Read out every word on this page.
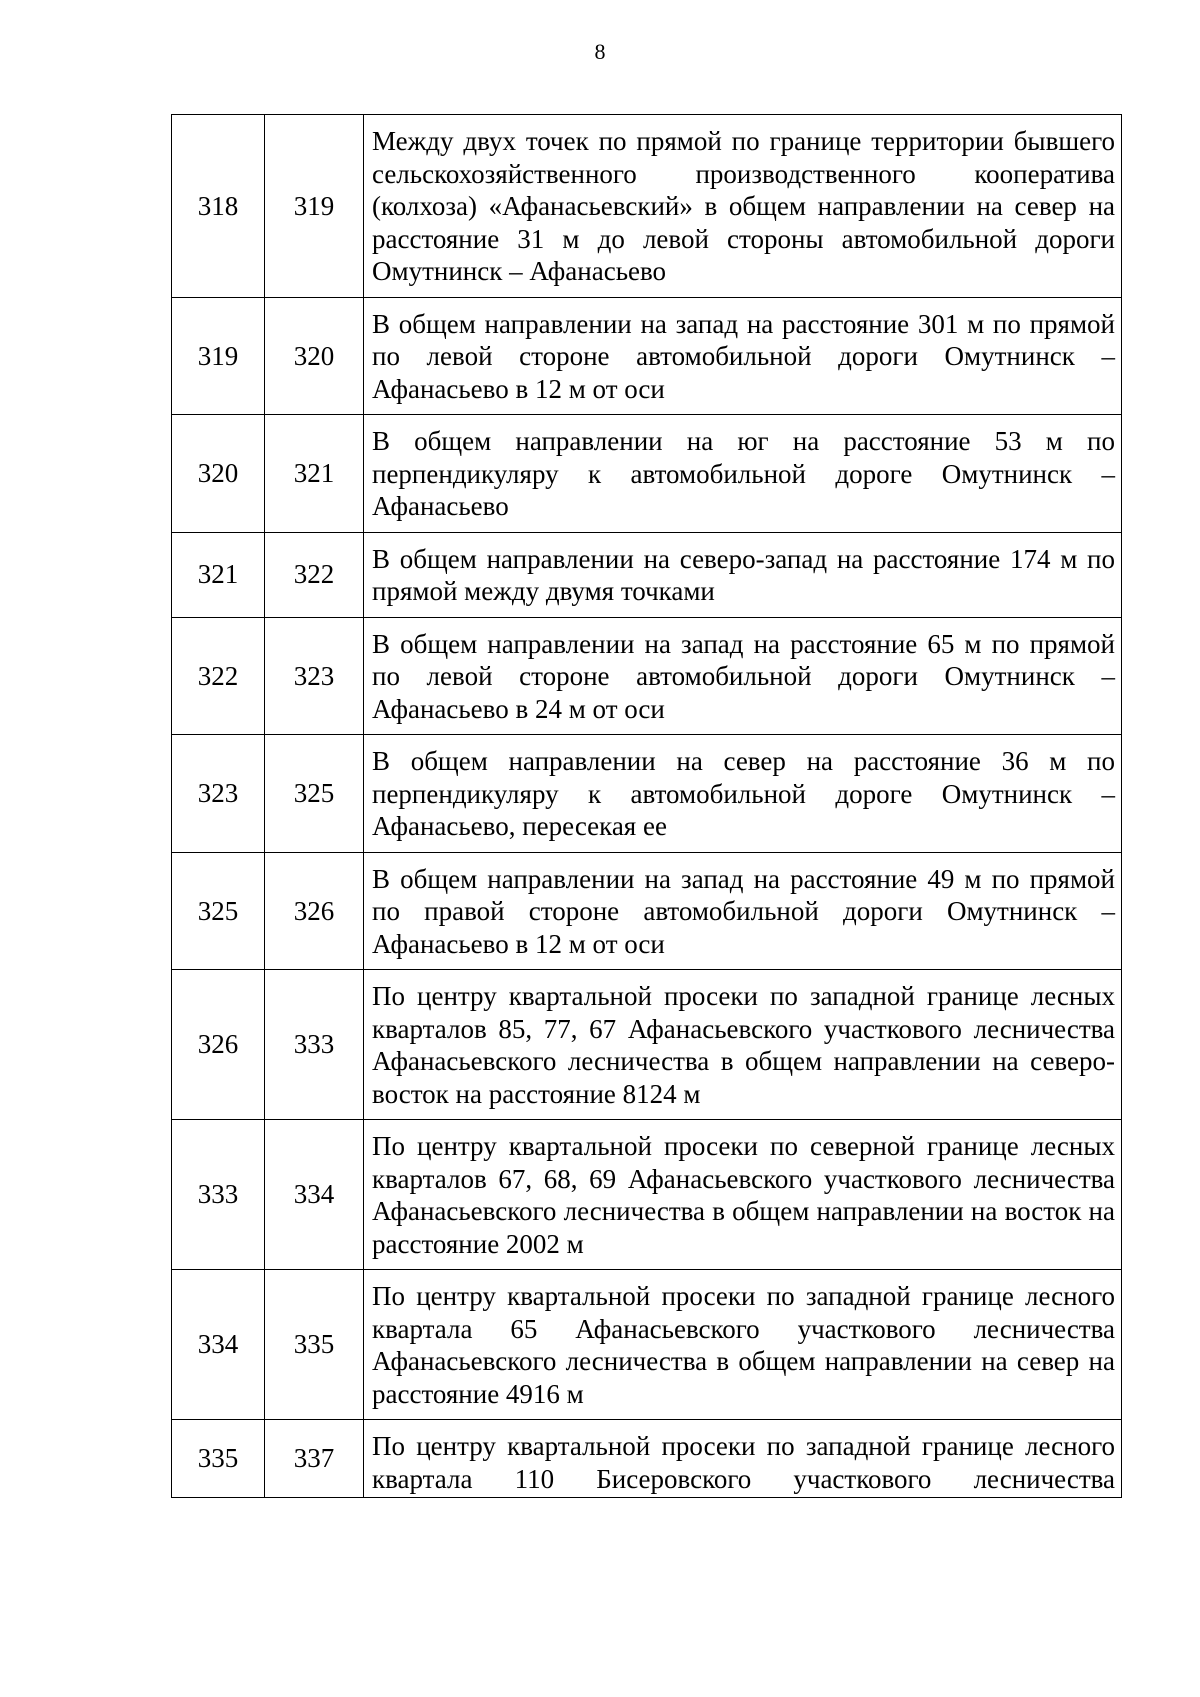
8
318	319	Между двух точек по прямой по границе территории бывшего сельскохозяйственного производственного кооператива (колхоза) «Афанасьевский» в общем направлении на север на расстояние 31 м до левой стороны автомобильной дороги Омутнинск – Афанасьево
319	320	В общем направлении на запад на расстояние 301 м по прямой по левой стороне автомобильной дороги Омутнинск – Афанасьево в 12 м от оси
320	321	В общем направлении на юг на расстояние 53 м по перпендикуляру к автомобильной дороге Омутнинск – Афанасьево
321	322	В общем направлении на северо-запад на расстояние 174 м по прямой между двумя точками
322	323	В общем направлении на запад на расстояние 65 м по прямой по левой стороне автомобильной дороги Омутнинск – Афанасьево в 24 м от оси
323	325	В общем направлении на север на расстояние 36 м по перпендикуляру к автомобильной дороге Омутнинск – Афанасьево, пересекая ее
325	326	В общем направлении на запад на расстояние 49 м по прямой по правой стороне автомобильной дороги Омутнинск – Афанасьево в 12 м от оси
326	333	По центру квартальной просеки по западной границе лесных кварталов 85, 77, 67 Афанасьевского участкового лесничества Афанасьевского лесничества в общем направлении на северо-восток на расстояние 8124 м
333	334	По центру квартальной просеки по северной границе лесных кварталов 67, 68, 69 Афанасьевского участкового лесничества Афанасьевского лесничества в общем направлении на восток на расстояние 2002 м
334	335	По центру квартальной просеки по западной границе лесного квартала 65 Афанасьевского участкового лесничества Афанасьевского лесничества в общем направлении на север на расстояние 4916 м
335	337	По центру квартальной просеки по западной границе лесного квартала 110 Бисеровского участкового лесничества
